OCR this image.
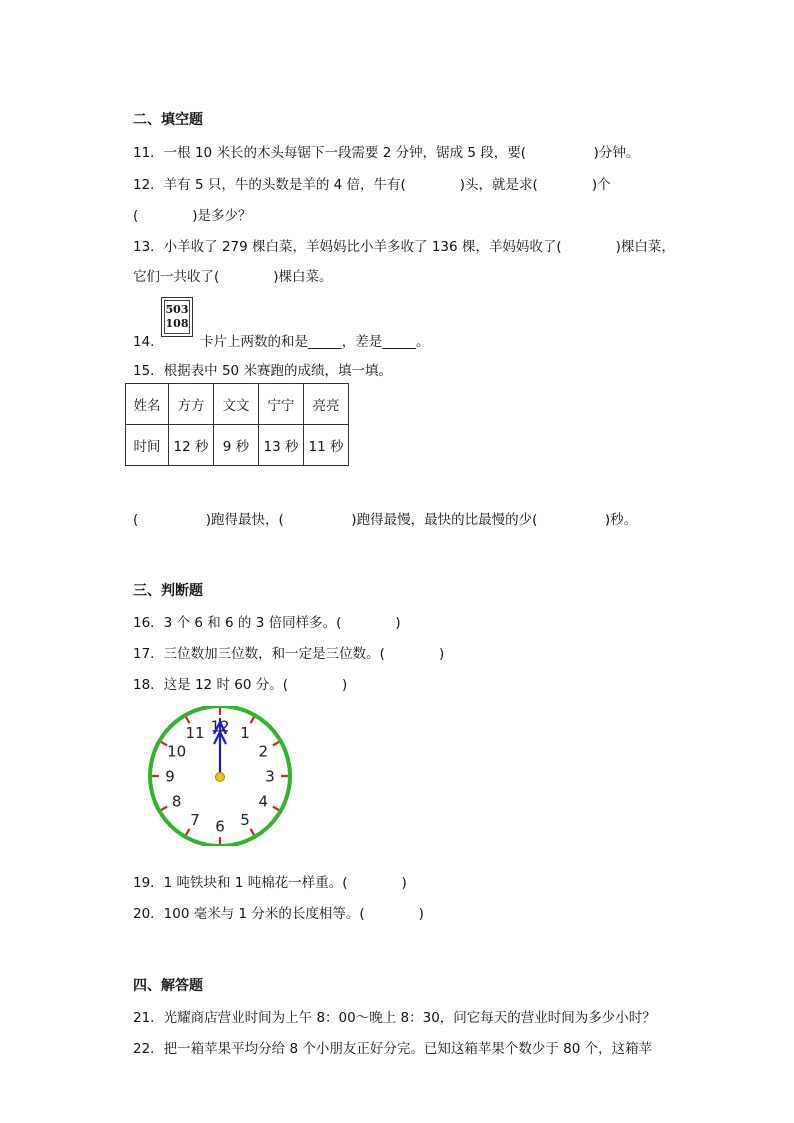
二、填空题
11．一根 10 米长的木头每锯下一段需要 2 分钟，锯成 5 段，要(　　　　　)分钟。
12．羊有 5 只，牛的头数是羊的 4 倍，牛有(　　　　)头，就是求(　　　　)个
(　　　　)是多少？
13．小羊收了 279 棵白菜，羊妈妈比小羊多收了 136 棵，羊妈妈收了(　　　　)棵白菜，
它们一共收了(　　　　)棵白菜。
14．
503
108
卡片上两数的和是_____，差是_____。
15．根据表中 50 米赛跑的成绩，填一填。
姓名	方方	文文	宁宁	亮亮
时间	12 秒	9 秒	13 秒	11 秒
(　　　　　)跑得最快，(　　　　　)跑得最慢，最快的比最慢的少(　　　　　)秒。
三、判断题
16．3 个 6 和 6 的 3 倍同样多。(　　　　)
17．三位数加三位数，和一定是三位数。(　　　　)
18．这是 12 时 60 分。(　　　　)
12 1
2
3
4
5
6
7
8
9
10
11
19．1 吨铁块和 1 吨棉花一样重。(　　　　)
20．100 毫米与 1 分米的长度相等。(　　　　)
四、解答题
21．光耀商店营业时间为上午 8：00～晚上 8：30，问它每天的营业时间为多少小时？
22．把一箱苹果平均分给 8 个小朋友正好分完。已知这箱苹果个数少于 80 个，这箱苹
